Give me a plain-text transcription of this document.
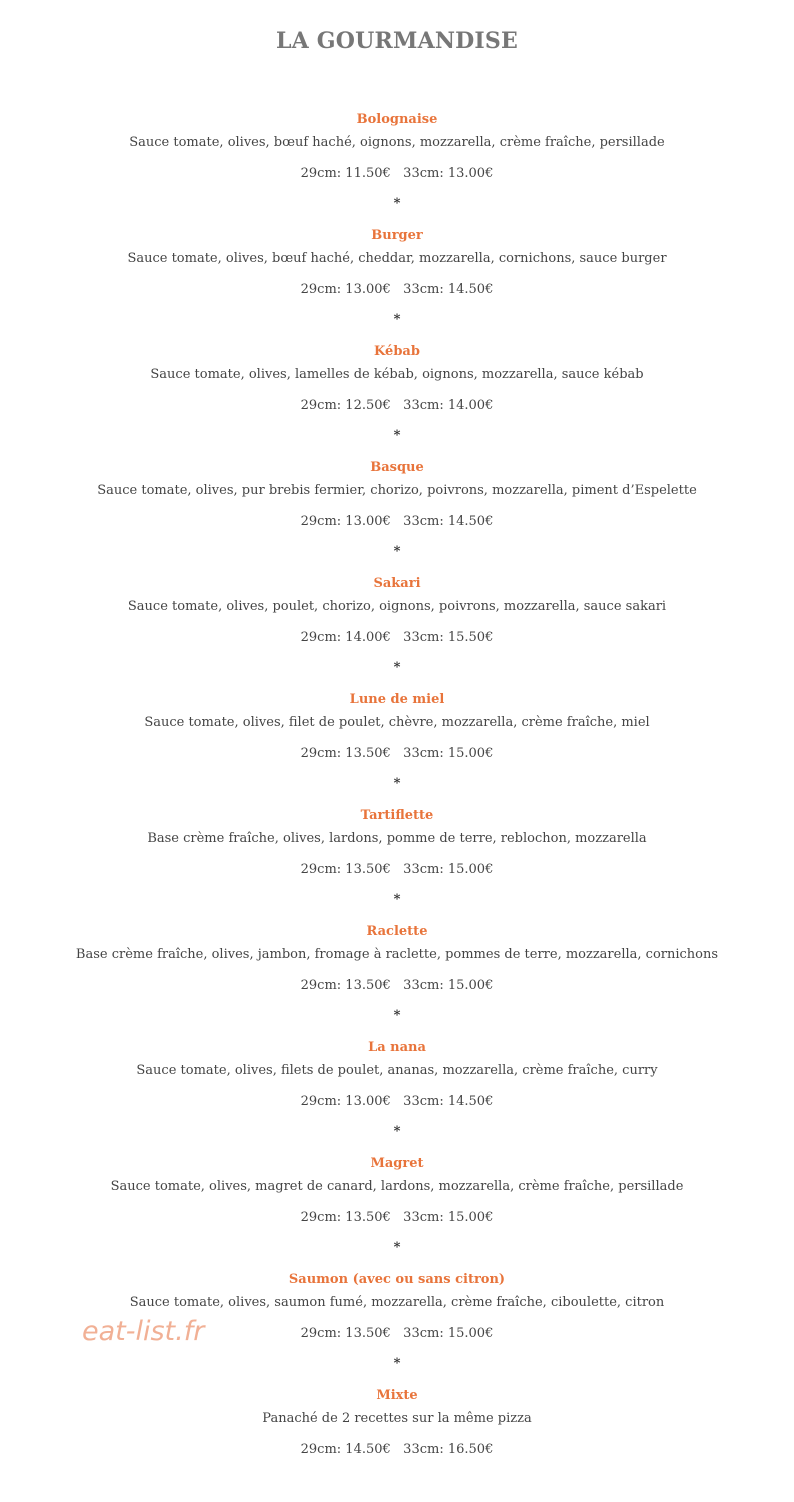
LA GOURMANDISE
Bolognaise
Sauce tomate, olives, bœuf haché, oignons, mozzarella, crème fraîche, persillade
29cm: 11.50€   33cm: 13.00€
*
Burger
Sauce tomate, olives, bœuf haché, cheddar, mozzarella, cornichons, sauce burger
29cm: 13.00€   33cm: 14.50€
*
Kébab
Sauce tomate, olives, lamelles de kébab, oignons, mozzarella, sauce kébab
29cm: 12.50€   33cm: 14.00€
*
Basque
Sauce tomate, olives, pur brebis fermier, chorizo, poivrons, mozzarella, piment d’Espelette
29cm: 13.00€   33cm: 14.50€
*
Sakari
Sauce tomate, olives, poulet, chorizo, oignons, poivrons, mozzarella, sauce sakari
29cm: 14.00€   33cm: 15.50€
*
Lune de miel
Sauce tomate, olives, filet de poulet, chèvre, mozzarella, crème fraîche, miel
29cm: 13.50€   33cm: 15.00€
*
Tartiflette
Base crème fraîche, olives, lardons, pomme de terre, reblochon, mozzarella
29cm: 13.50€   33cm: 15.00€
*
Raclette
Base crème fraîche, olives, jambon, fromage à raclette, pommes de terre, mozzarella, cornichons
29cm: 13.50€   33cm: 15.00€
*
La nana
Sauce tomate, olives, filets de poulet, ananas, mozzarella, crème fraîche, curry
29cm: 13.00€   33cm: 14.50€
*
Magret
Sauce tomate, olives, magret de canard, lardons, mozzarella, crème fraîche, persillade
29cm: 13.50€   33cm: 15.00€
*
Saumon (avec ou sans citron)
Sauce tomate, olives, saumon fumé, mozzarella, crème fraîche, ciboulette, citron
29cm: 13.50€   33cm: 15.00€
*
Mixte
Panaché de 2 recettes sur la même pizza
29cm: 14.50€   33cm: 16.50€
eat-list.fr
